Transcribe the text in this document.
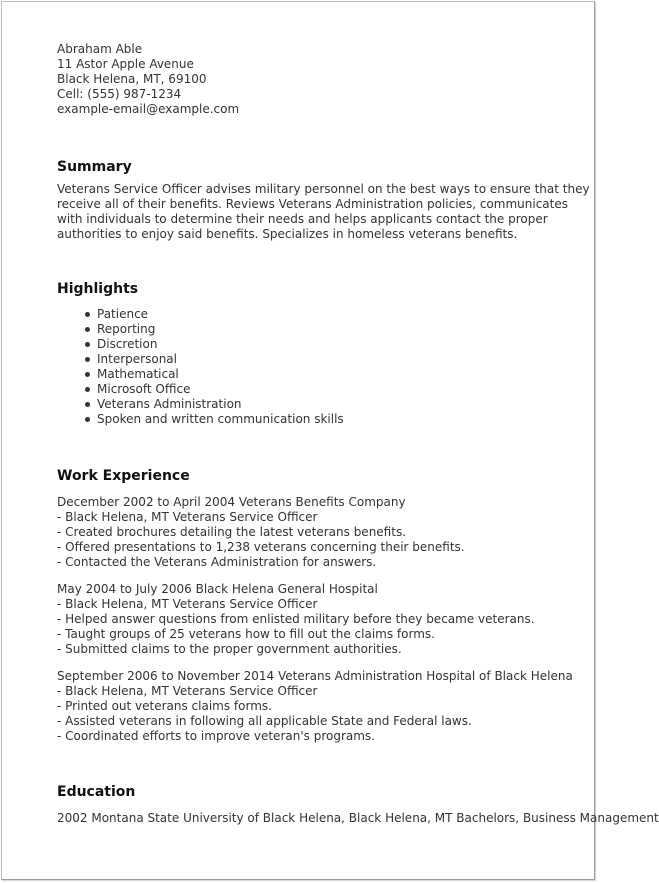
Abraham Able
11 Astor Apple Avenue
Black Helena, MT, 69100
Cell: (555) 987-1234
example-email@example.com
Summary
Veterans Service Officer advises military personnel on the best ways to ensure that they receive all of their benefits. Reviews Veterans Administration policies, communicates with individuals to determine their needs and helps applicants contact the proper authorities to enjoy said benefits. Specializes in homeless veterans benefits.
Highlights
Patience
Reporting
Discretion
Interpersonal
Mathematical
Microsoft Office
Veterans Administration
Spoken and written communication skills
Work Experience
December 2002 to April 2004 Veterans Benefits Company
- Black Helena, MT Veterans Service Officer
- Created brochures detailing the latest veterans benefits.
- Offered presentations to 1,238 veterans concerning their benefits.
- Contacted the Veterans Administration for answers.
May 2004 to July 2006 Black Helena General Hospital
- Black Helena, MT Veterans Service Officer
- Helped answer questions from enlisted military before they became veterans.
- Taught groups of 25 veterans how to fill out the claims forms.
- Submitted claims to the proper government authorities.
September 2006 to November 2014 Veterans Administration Hospital of Black Helena
- Black Helena, MT Veterans Service Officer
- Printed out veterans claims forms.
- Assisted veterans in following all applicable State and Federal laws.
- Coordinated efforts to improve veteran's programs.
Education
2002 Montana State University of Black Helena, Black Helena, MT Bachelors, Business Management
